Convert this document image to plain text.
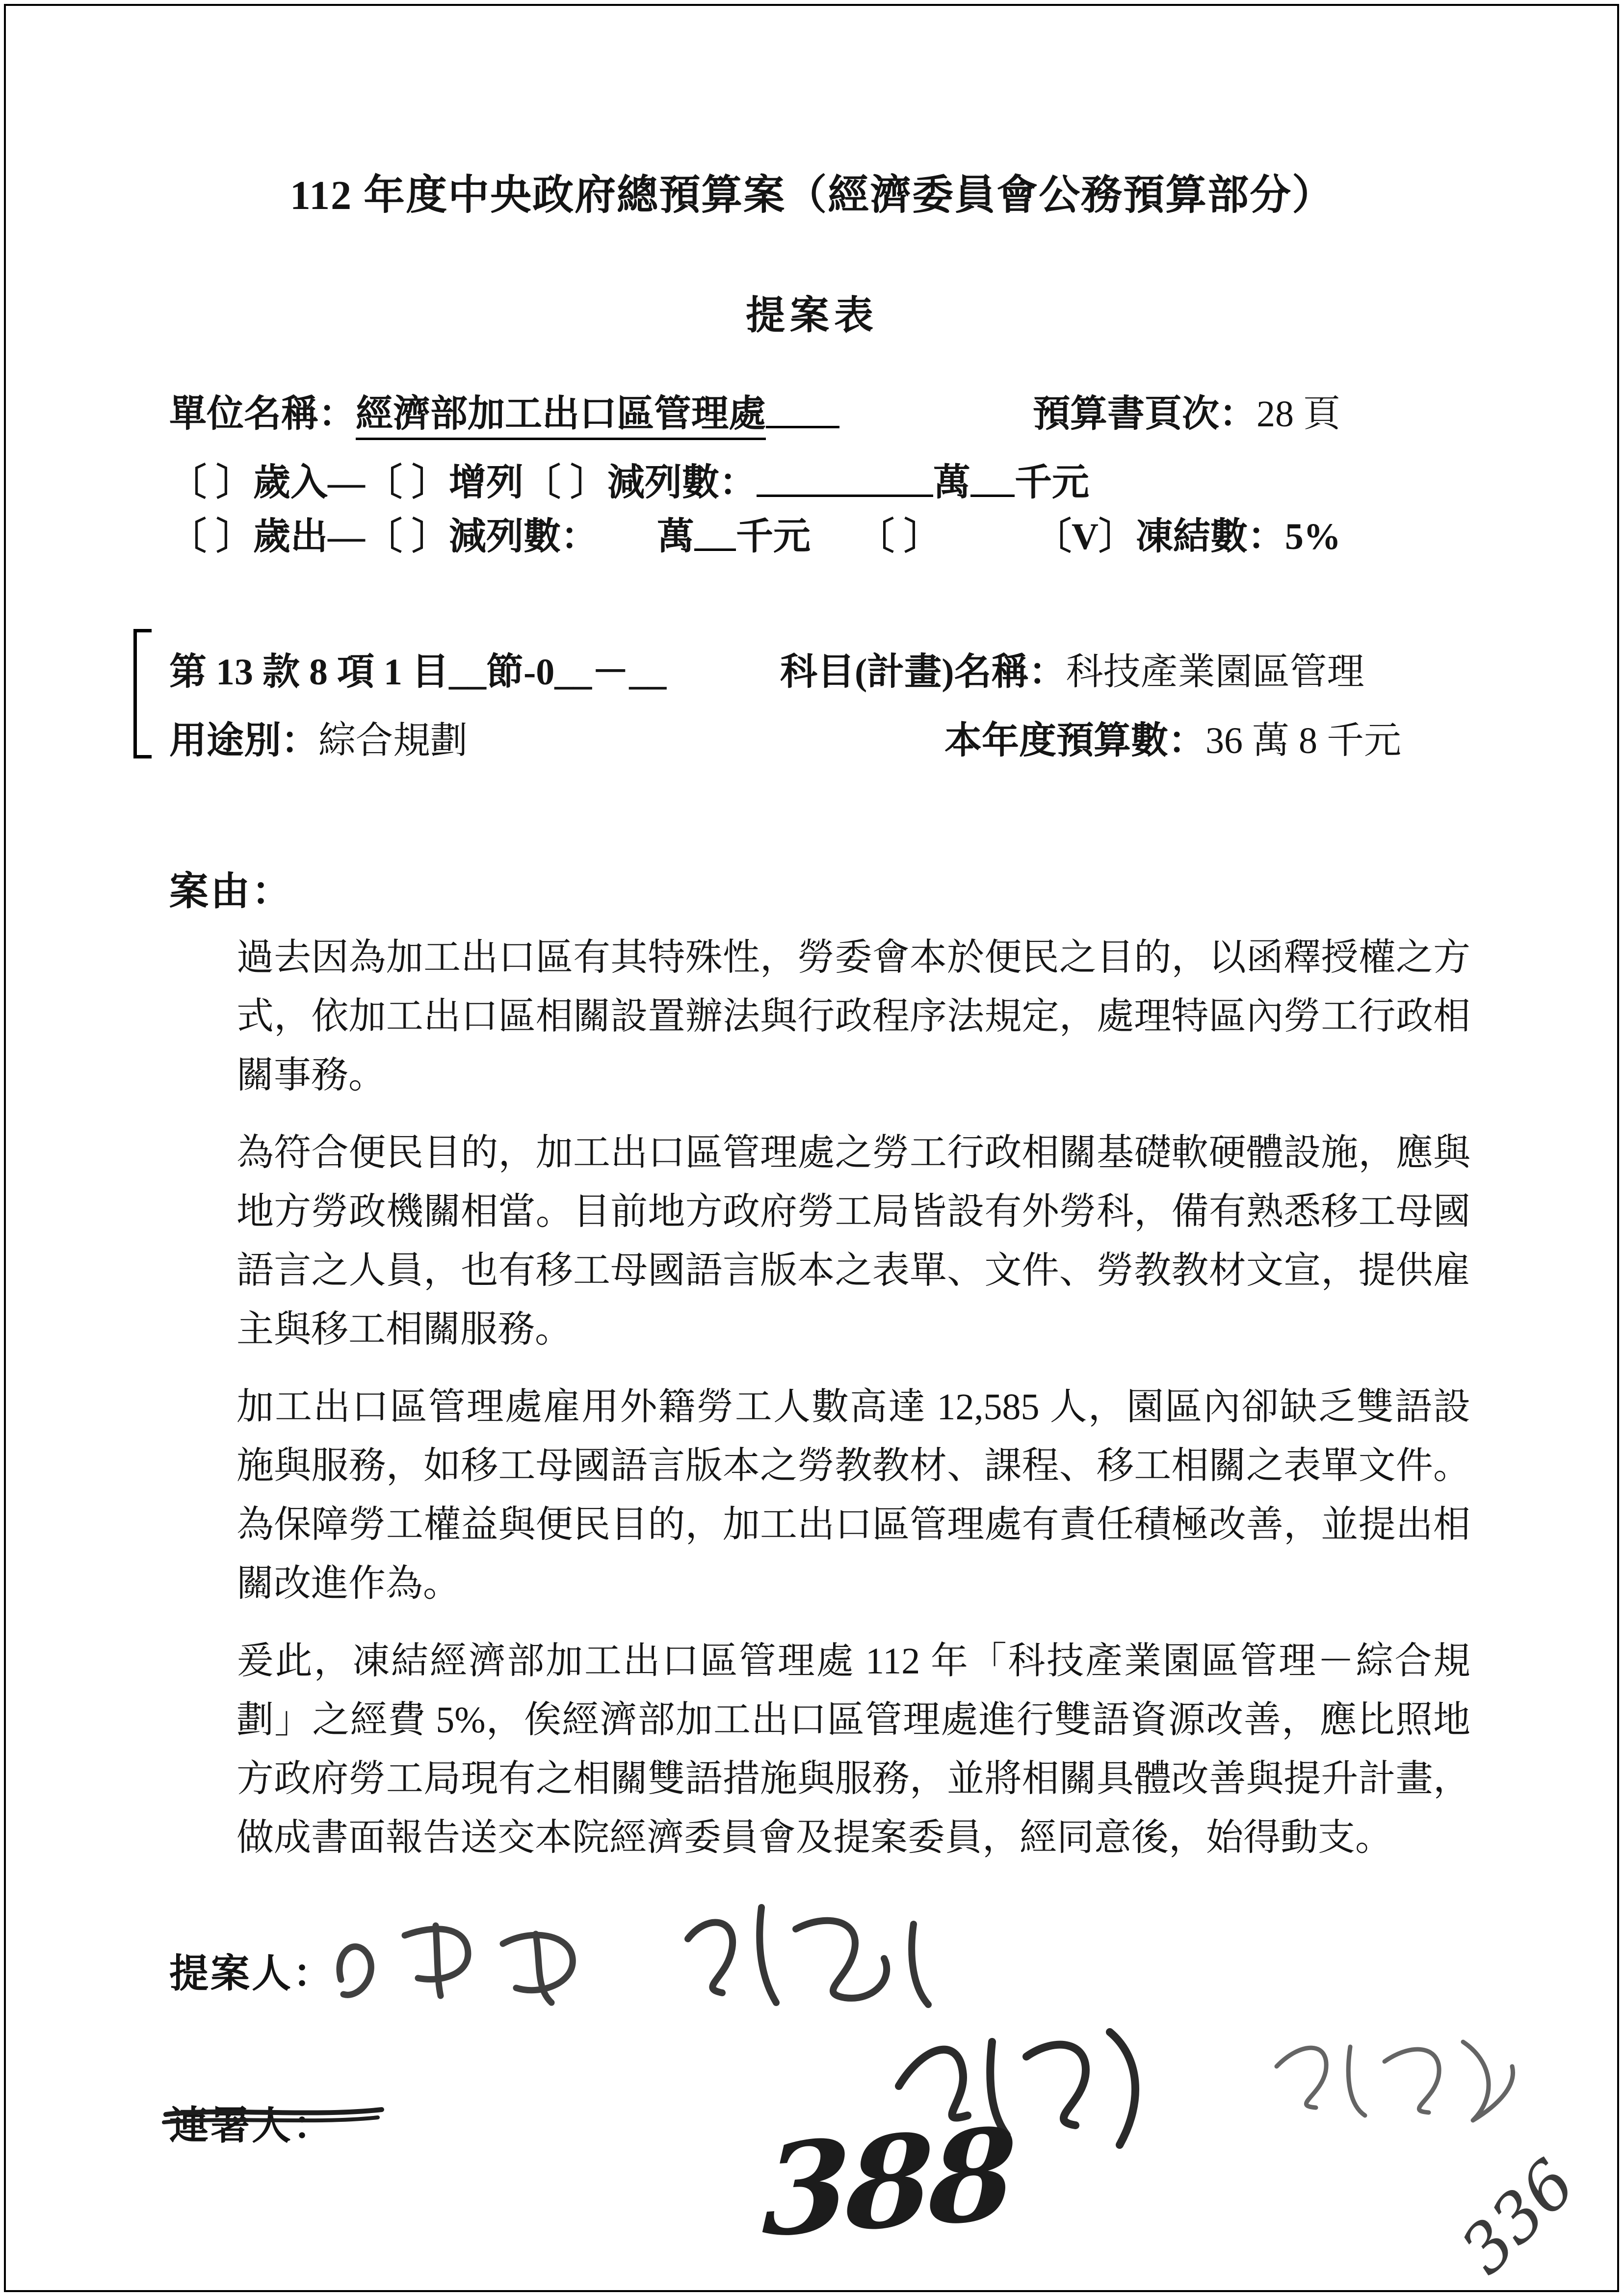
112 年度中央政府總預算案（經濟委員會公務預算部分）
提案表
單位名稱：經濟部加工出口區管理處	預算書頁次：28 頁
〔 〕歲入—〔 〕增列〔 〕減列數：	萬 千元
〔 〕歲出—〔 〕減列數： 萬 千元 〔 〕	〔V〕凍結數：5%
第 13 款 8 項 1 目__節-0__－__	科目(計畫)名稱：科技產業園區管理
用途別：綜合規劃	本年度預算數：36 萬 8 千元
案由：

過去因為加工出口區有其特殊性，勞委會本於便民之目的，以函釋授權之方式，依加工出口區相關設置辦法與行政程序法規定，處理特區內勞工行政相關事務。

為符合便民目的，加工出口區管理處之勞工行政相關基礎軟硬體設施，應與地方勞政機關相當。目前地方政府勞工局皆設有外勞科，備有熟悉移工母國語言之人員，也有移工母國語言版本之表單、文件、勞教教材文宣，提供雇主與移工相關服務。

加工出口區管理處雇用外籍勞工人數高達 12,585 人，園區內卻缺乏雙語設施與服務，如移工母國語言版本之勞教教材、課程、移工相關之表單文件。為保障勞工權益與便民目的，加工出口區管理處有責任積極改善，並提出相關改進作為。

爰此，凍結經濟部加工出口區管理處 112 年「科技產業園區管理－綜合規劃」之經費 5%，俟經濟部加工出口區管理處進行雙語資源改善，應比照地方政府勞工局現有之相關雙語措施與服務，並將相關具體改善與提升計畫，做成書面報告送交本院經濟委員會及提案委員，經同意後，始得動支。

提案人：
連署人：	388	336
